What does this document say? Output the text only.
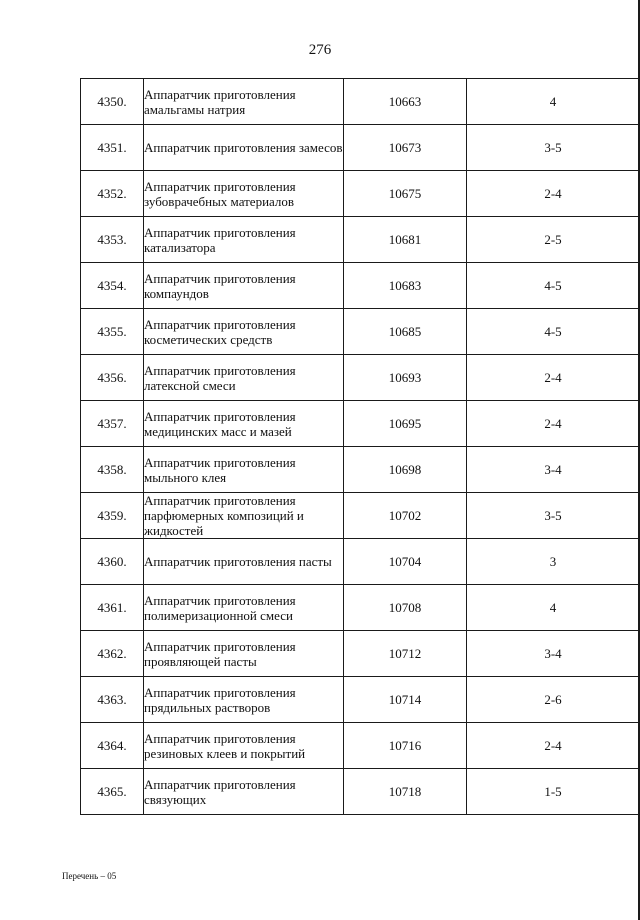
276
4350.	Аппаратчик приготовления амальгамы натрия	10663	4
4351.	Аппаратчик приготовления замесов	10673	3-5
4352.	Аппаратчик приготовления зубоврачебных материалов	10675	2-4
4353.	Аппаратчик приготовления катализатора	10681	2-5
4354.	Аппаратчик приготовления компаундов	10683	4-5
4355.	Аппаратчик приготовления косметических средств	10685	4-5
4356.	Аппаратчик приготовления латексной смеси	10693	2-4
4357.	Аппаратчик приготовления медицинских масс и мазей	10695	2-4
4358.	Аппаратчик приготовления мыльного клея	10698	3-4
4359.	Аппаратчик приготовления парфюмерных композиций и жидкостей	10702	3-5
4360.	Аппаратчик приготовления пасты	10704	3
4361.	Аппаратчик приготовления полимеризационной смеси	10708	4
4362.	Аппаратчик приготовления проявляющей пасты	10712	3-4
4363.	Аппаратчик приготовления прядильных растворов	10714	2-6
4364.	Аппаратчик приготовления резиновых клеев и покрытий	10716	2-4
4365.	Аппаратчик приготовления связующих	10718	1-5
Перечень – 05
